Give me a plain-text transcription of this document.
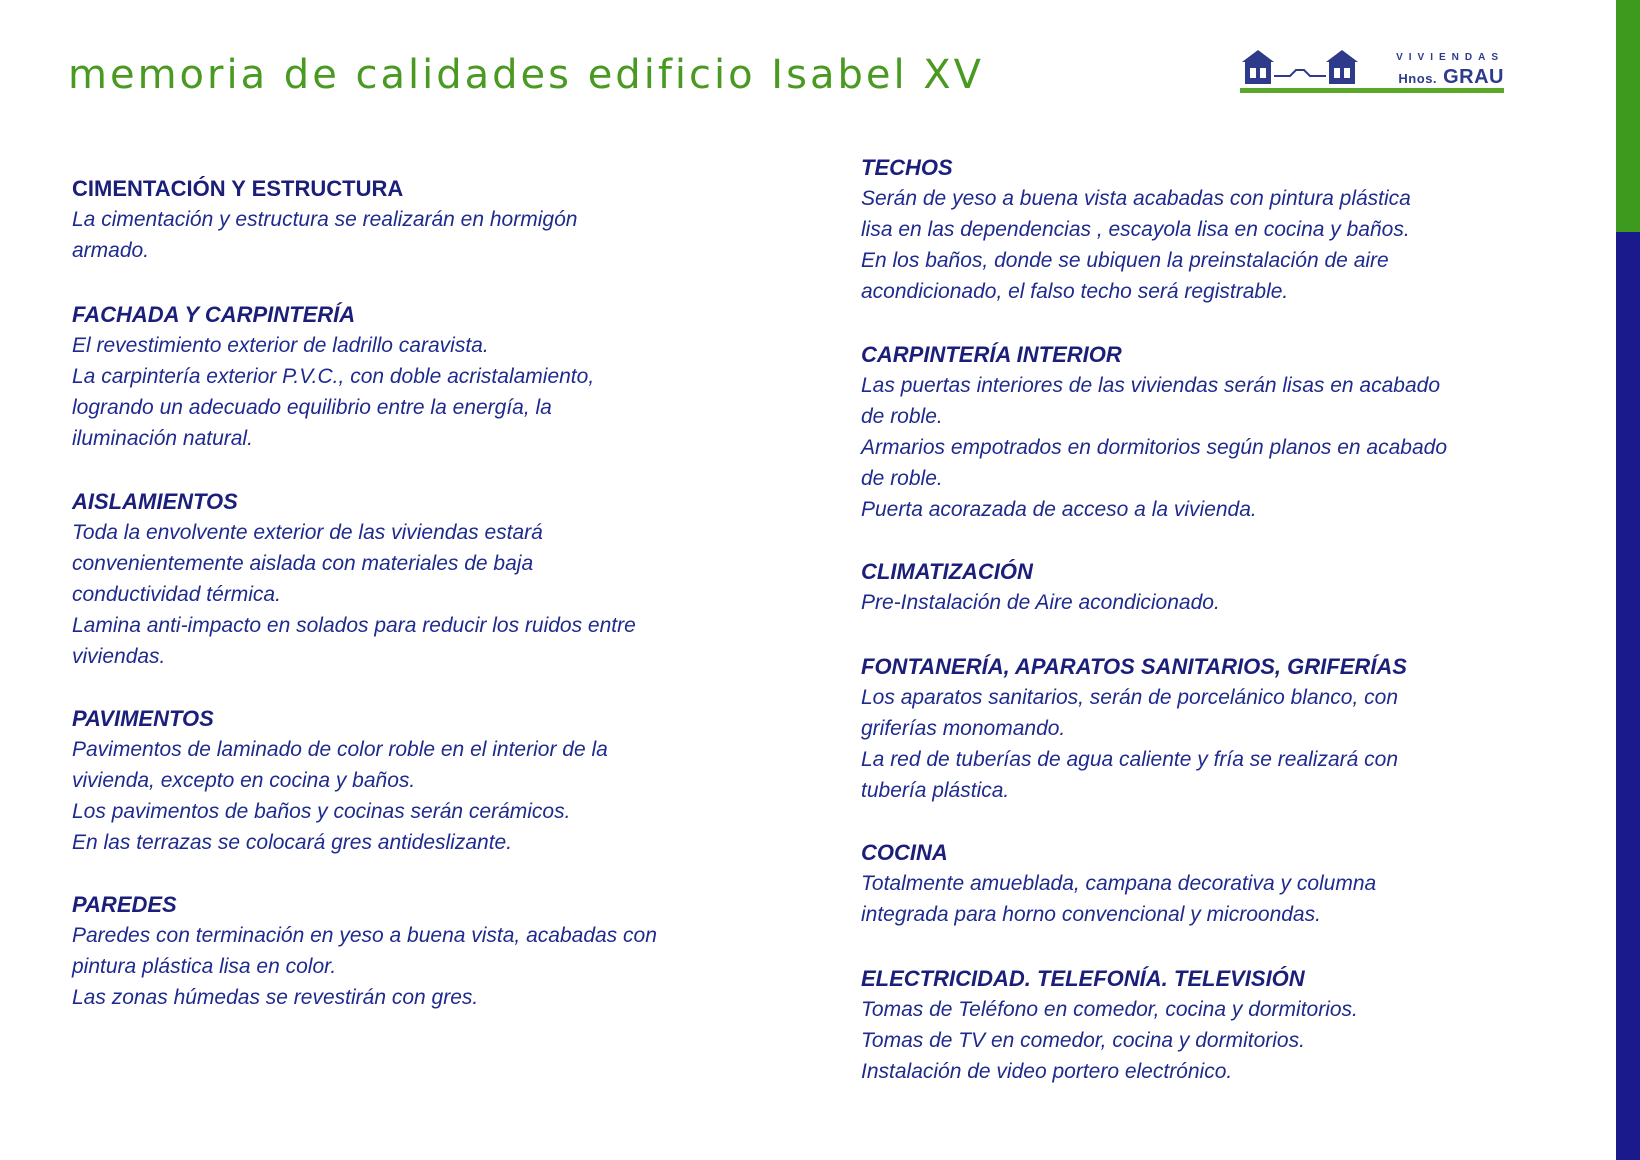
memoria de calidades edificio Isabel XV	VIVIENDAS
Hnos. GRAU
CIMENTACIÓN Y ESTRUCTURA
La cimentación y estructura se realizarán en hormigón
armado.
FACHADA Y CARPINTERÍA
El revestimiento exterior de ladrillo caravista.
La carpintería exterior P.V.C., con doble acristalamiento,
logrando un adecuado equilibrio entre la energía, la
iluminación natural.
AISLAMIENTOS
Toda la envolvente exterior de las viviendas estará
convenientemente aislada con materiales de baja
conductividad térmica.
Lamina anti-impacto en solados para reducir los ruidos entre
viviendas.
PAVIMENTOS
Pavimentos de laminado de color roble en el interior de la
vivienda, excepto en cocina y baños.
Los pavimentos de baños y cocinas serán cerámicos.
En las terrazas se colocará gres antideslizante.
PAREDES
Paredes con terminación en yeso a buena vista, acabadas con
pintura plástica lisa en color.
Las zonas húmedas se revestirán con gres.
TECHOS
Serán de yeso a buena vista acabadas con pintura plástica
lisa en las dependencias , escayola lisa en cocina y baños.
En los baños, donde se ubiquen la preinstalación de aire
acondicionado, el falso techo será registrable.
CARPINTERÍA INTERIOR
Las puertas interiores de las viviendas serán lisas en acabado
de roble.
Armarios empotrados en dormitorios según planos en acabado
de roble.
Puerta acorazada de acceso a la vivienda.
CLIMATIZACIÓN
Pre-Instalación de Aire acondicionado.
FONTANERÍA, APARATOS SANITARIOS, GRIFERÍAS
Los aparatos sanitarios, serán de porcelánico blanco, con
griferías monomando.
La red de tuberías de agua caliente y fría se realizará con
tubería plástica.
COCINA
Totalmente amueblada, campana decorativa y columna
integrada para horno convencional y microondas.
ELECTRICIDAD. TELEFONÍA. TELEVISIÓN
Tomas de Teléfono en comedor, cocina y dormitorios.
Tomas de TV en comedor, cocina y dormitorios.
Instalación de video portero electrónico.
